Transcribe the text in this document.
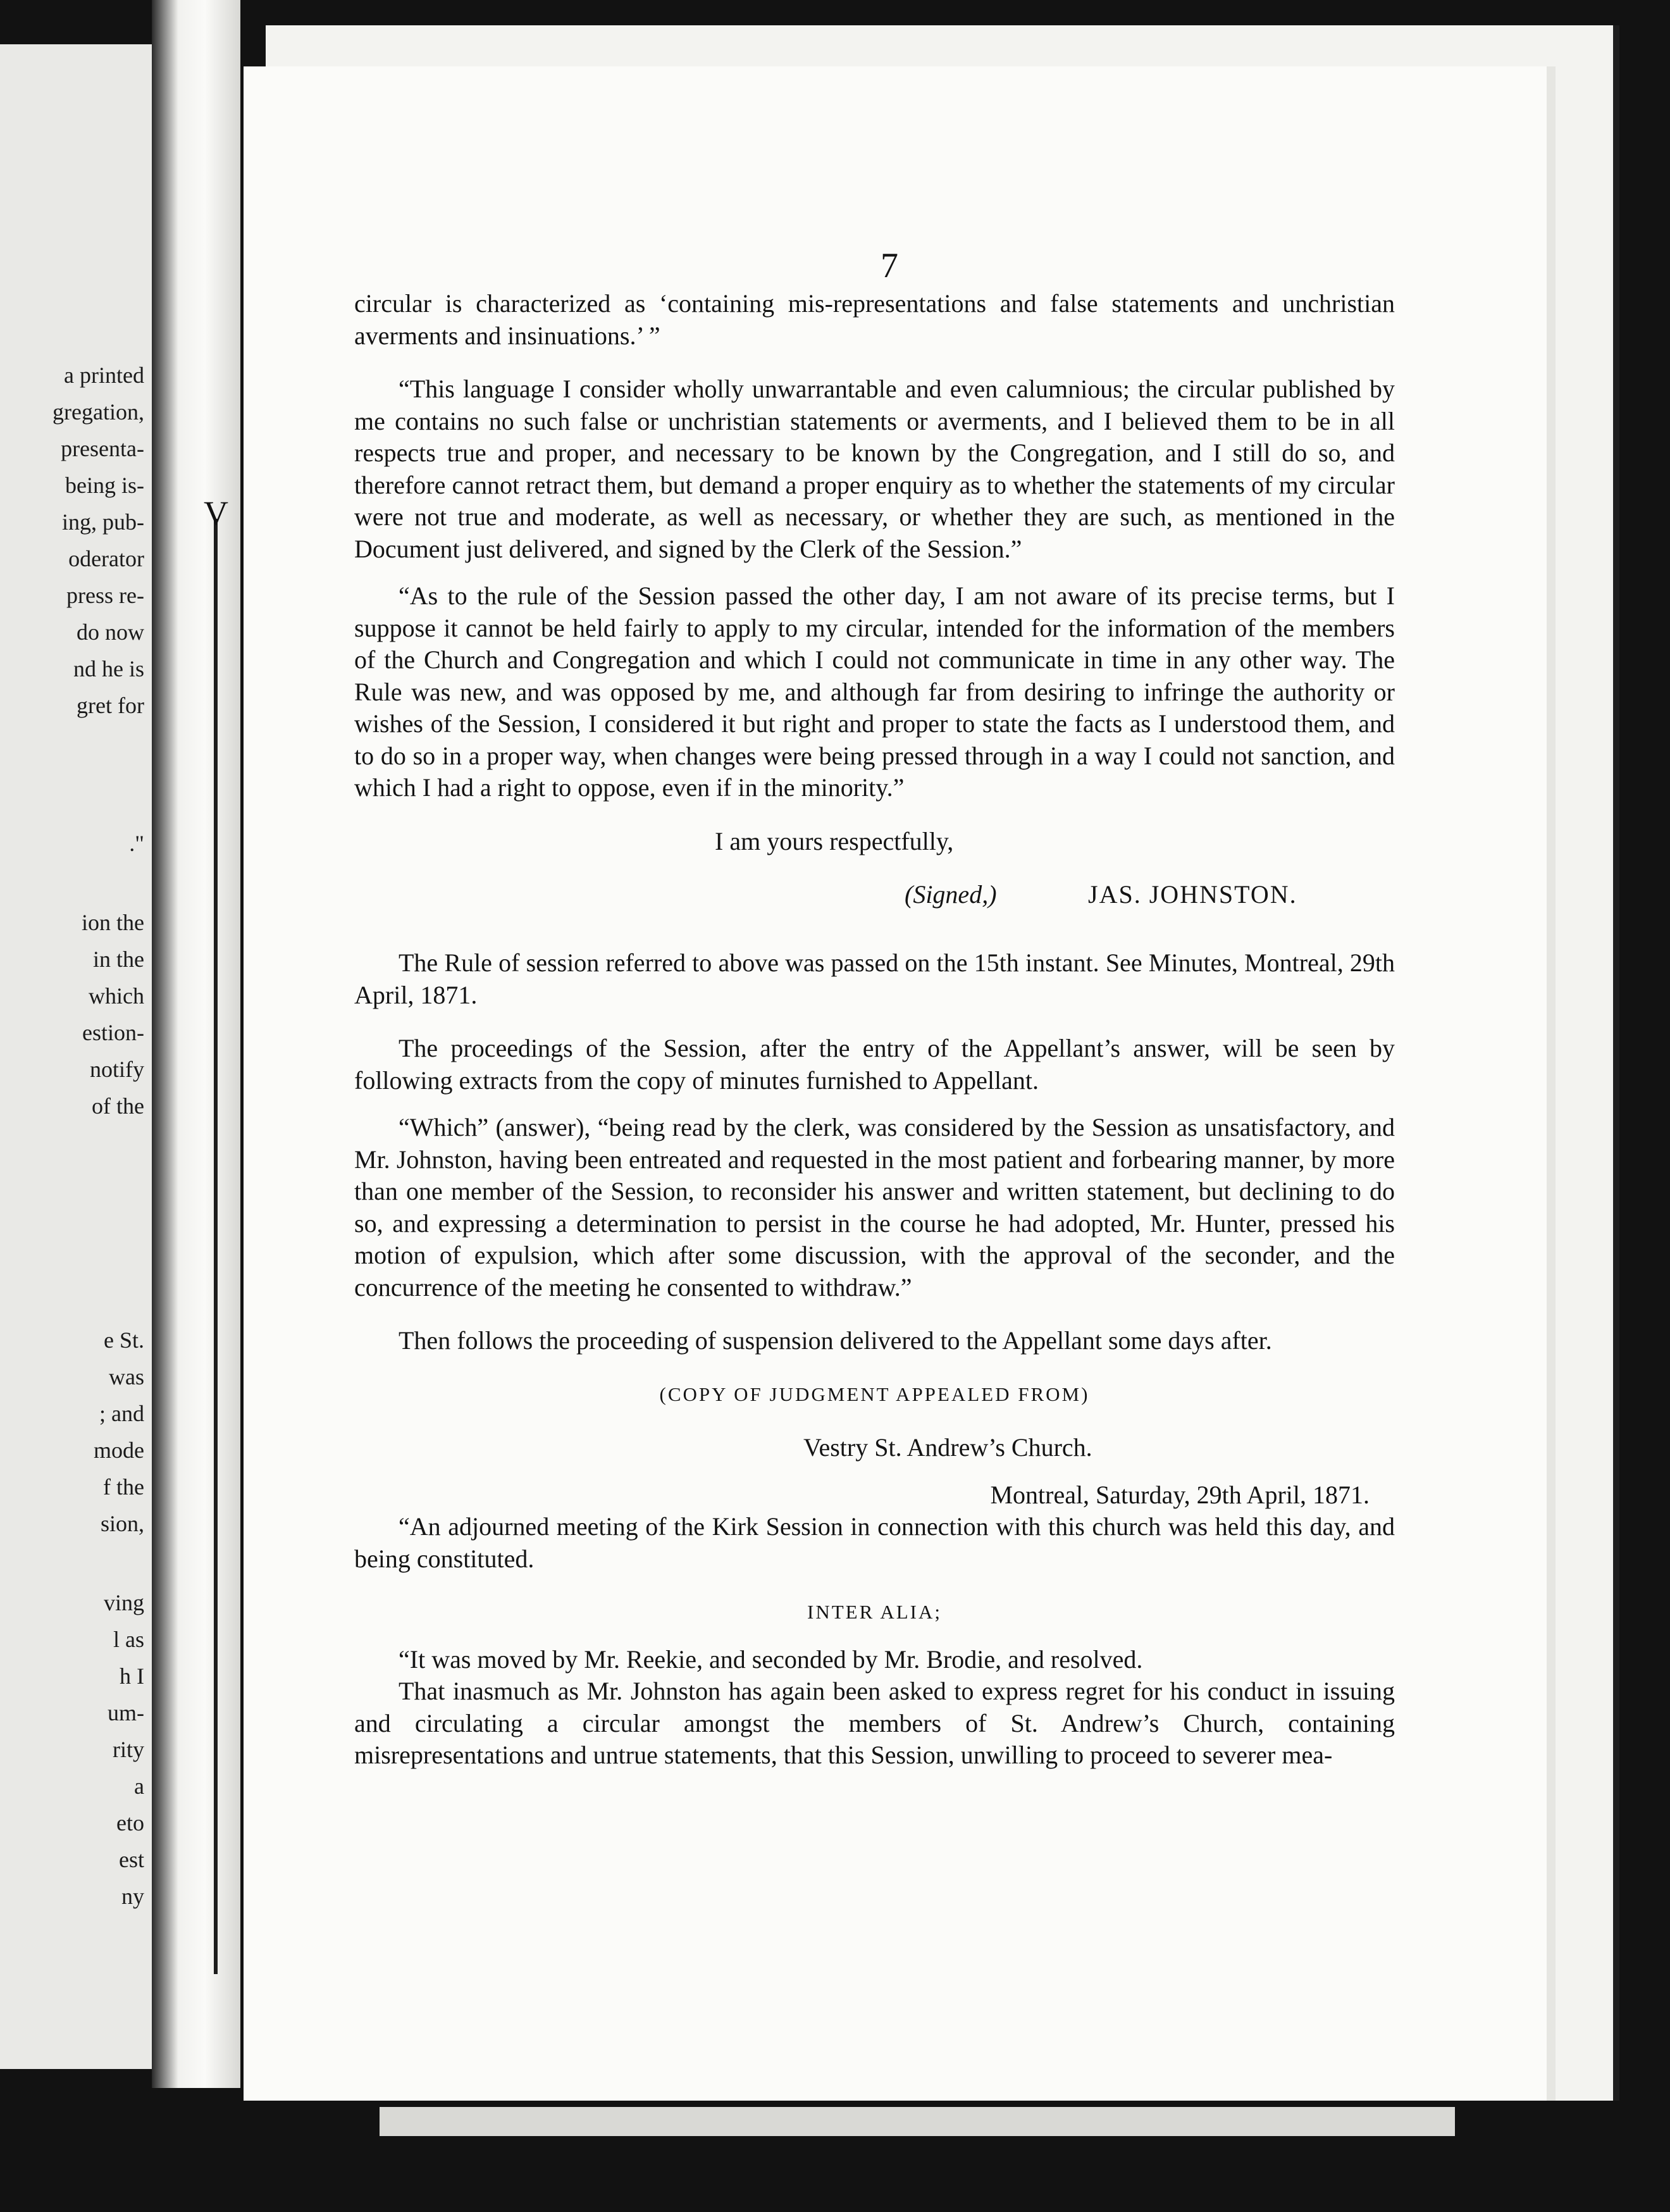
a printed
gregation,
presenta-
being is-
ing, pub-
oderator
press re-
do now
nd he is
gret for
."
ion the
in the
which
estion-
notify
of the
e St.
was
; and
mode
f the
sion,
ving
l as
h I
um-
rity
a
eto
est
ny
V
7

circular is characterized as ‘containing mis-representations and false statements and unchristian averments and insinuations.’ ”

“This language I consider wholly unwarrantable and even calumnious; the circular published by me contains no such false or unchristian statements or averments, and I believed them to be in all respects true and proper, and necessary to be known by the Congregation, and I still do so, and therefore cannot retract them, but demand a proper enquiry as to whether the statements of my circular were not true and moderate, as well as necessary, or whether they are such, as mentioned in the Document just delivered, and signed by the Clerk of the Session.”

“As to the rule of the Session passed the other day, I am not aware of its precise terms, but I suppose it cannot be held fairly to apply to my circular, intended for the information of the members of the Church and Congregation and which I could not communicate in time in any other way. The Rule was new, and was opposed by me, and although far from desiring to infringe the authority or wishes of the Session, I considered it but right and proper to state the facts as I understood them, and to do so in a proper way, when changes were being pressed through in a way I could not sanction, and which I had a right to oppose, even if in the minority.”

I am yours respectfully,

(Signed,)	JAS. JOHNSTON.

The Rule of session referred to above was passed on the 15th instant. See Minutes, Montreal, 29th April, 1871.

The proceedings of the Session, after the entry of the Appellant’s answer, will be seen by following extracts from the copy of minutes furnished to Appellant.

“Which” (answer), “being read by the clerk, was considered by the Session as unsatisfactory, and Mr. Johnston, having been entreated and requested in the most patient and forbearing manner, by more than one member of the Session, to reconsider his answer and written statement, but declining to do so, and expressing a determination to persist in the course he had adopted, Mr. Hunter, pressed his motion of expulsion, which after some discussion, with the approval of the seconder, and the concurrence of the meeting he consented to withdraw.”

Then follows the proceeding of suspension delivered to the Appellant some days after.

(COPY OF JUDGMENT APPEALED FROM)

Vestry St. Andrew’s Church.

Montreal, Saturday, 29th April, 1871.

“An adjourned meeting of the Kirk Session in connection with this church was held this day, and being constituted.

INTER ALIA;

“It was moved by Mr. Reekie, and seconded by Mr. Brodie, and resolved.

That inasmuch as Mr. Johnston has again been asked to express regret for his conduct in issuing and circulating a circular amongst the members of St. Andrew’s Church, containing misrepresentations and untrue statements, that this Session, unwilling to proceed to severer mea-
